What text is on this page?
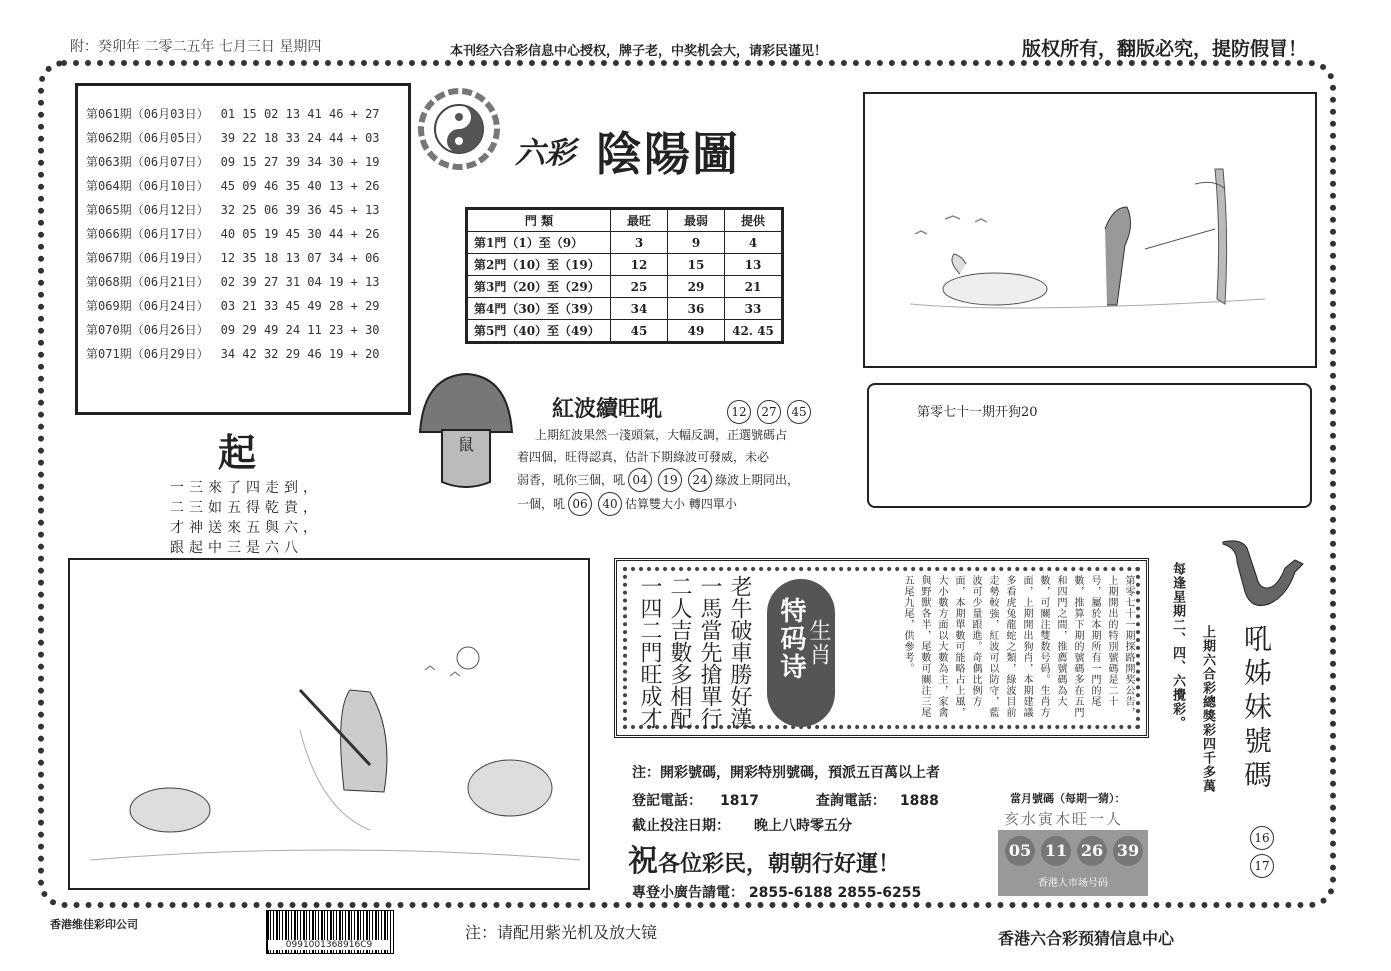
附：癸卯年 二零二五年 七月三日 星期四	本刊经六合彩信息中心授权，牌子老，中奖机会大，请彩民谨见！	版权所有，翻版必究，提防假冒！
第061期（06月03日） 01 15 02 13 41 46 + 27
第062期（06月05日） 39 22 18 33 24 44 + 03
第063期（06月07日） 09 15 27 39 34 30 + 19
第064期（06月10日） 45 09 46 35 40 13 + 26
第065期（06月12日） 32 25 06 39 36 45 + 13
第066期（06月17日） 40 05 19 45 30 44 + 26
第067期（06月19日） 12 35 18 13 07 34 + 06
第068期（06月21日） 02 39 27 31 04 19 + 13
第069期（06月24日） 03 21 33 45 49 28 + 29
第070期（06月26日） 09 29 49 24 11 23 + 30
第071期（06月29日） 34 42 32 29 46 19 + 20
六彩 陰陽圖
門 類	最旺	最弱	提供
第1門（1）至（9）	3	9	4
第2門（10）至（19）	12	15	13
第3門（20）至（29）	25	29	21
第4門（30）至（39）	34	36	33
第5門（40）至（49）	45	49	42. 45
第零七十一期开狗20
鼠
紅波續旺吼	12 27 45
上期紅波果然一淺頭氣，大幅反調，正選號碼占
着四個，旺得認真，估計下期綠波可發威，未必
弱香，吼你三個，吼 04 19 24 綠波上期同出，
一個，吼 06 40 估算雙大小 轉四單小
起
一三來了四走到，
二三如五得乾貴，
才神送來五與六，
跟起中三是六八
老牛破車勝好漢
一馬當先搶單行
二人吉數多相配
一四二門旺成才	特码诗 生肖	第零七十一期探路開奖公告，上期開出的特別號碼是二十号，屬於本期所有一門的尾數，推算下期的號碼多在五門和四門之間，推薦號碼為大數，可關注雙数号码。生肖方面，上期開出狗肖，本期建議多看虎兔龍蛇之類，綠波目前走勢較強，紅波可以防守，藍波可少量跟進。奇偶比例方面，本期單數可能略占上風，大小數方面以大數為主，家禽與野獸各半，尾數可關注三尾五尾九尾，供參考。	每逢星期二、四、六攪彩。 上期六合彩總獎彩四千多萬 吼姊妹號碼
1617
注：開彩號碼，開彩特別號碼，預派五百萬以上者
登記電話： 1817	查詢電話： 1888
截止投注日期： 晚上八時零五分
祝各位彩民，朝朝行好運！
專登小廣告請電： 2855-6188 2855-6255
當月號碼（每期一猜）：
亥水寅木旺一人
05 11 26 39
香港人市场号码
香港维佳彩印公司
0991001368916C9
注：请配用紫光机及放大镜	香港六合彩预猜信息中心
